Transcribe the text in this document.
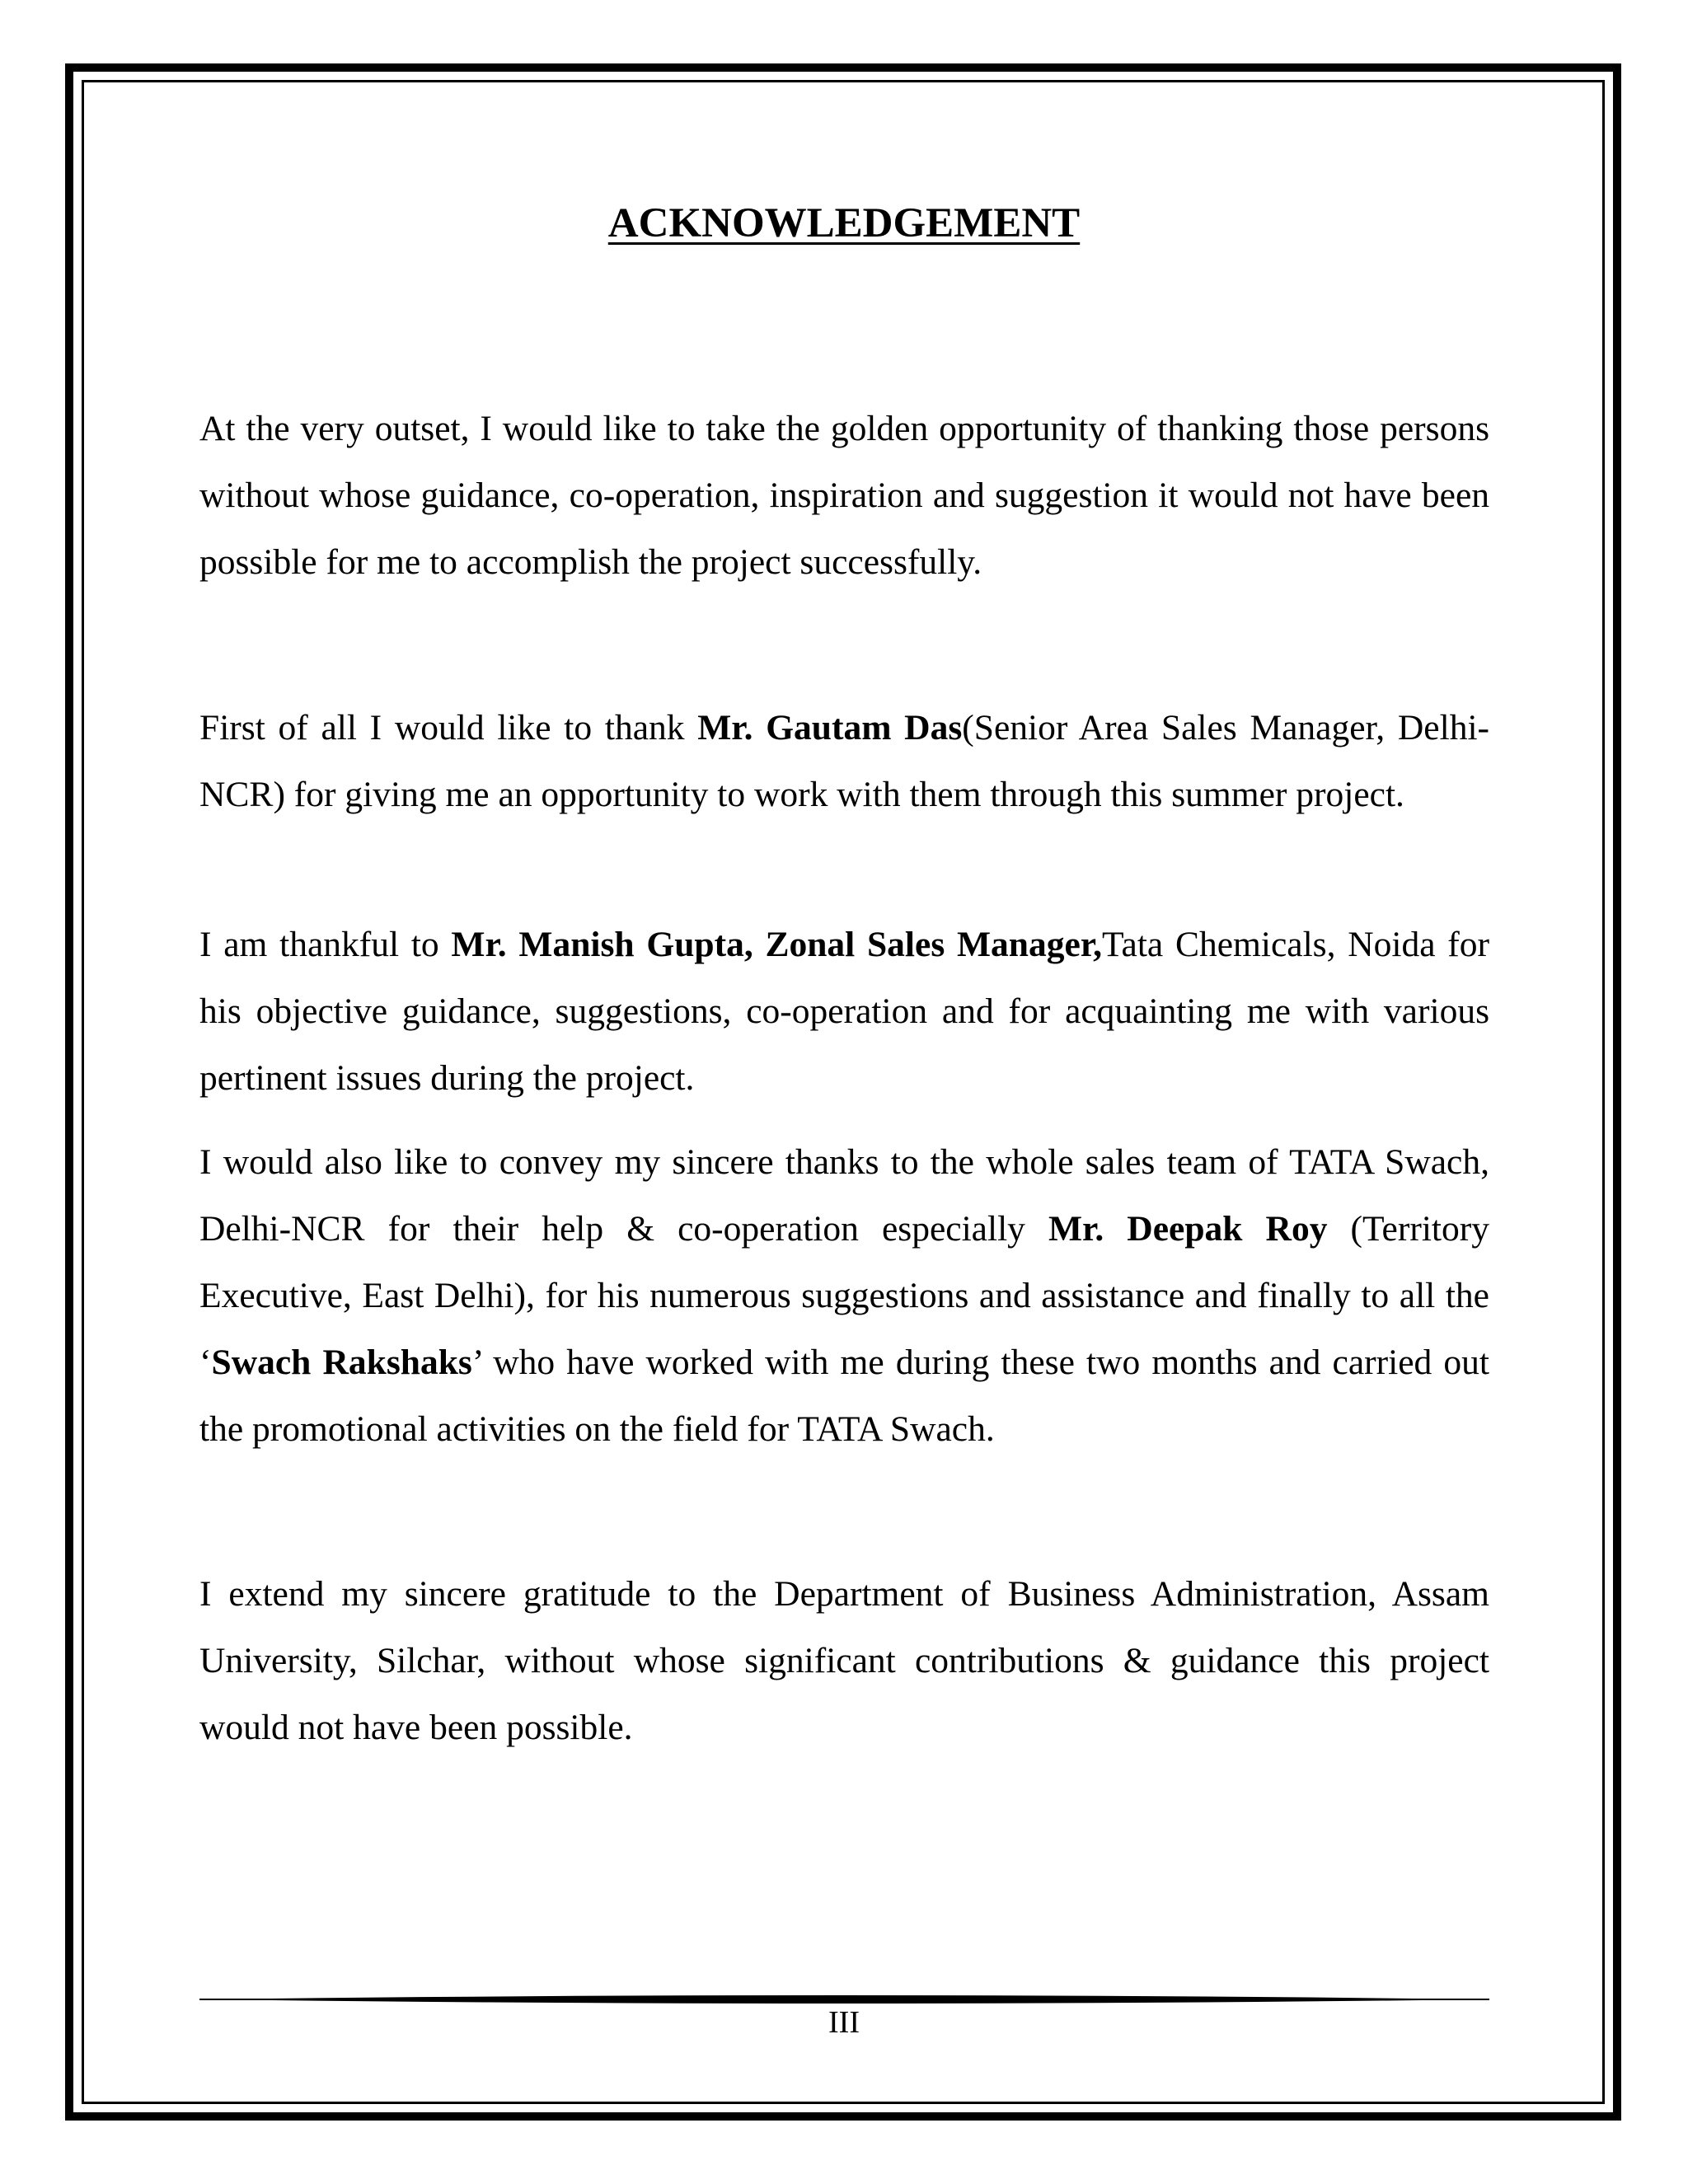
ACKNOWLEDGEMENT

At the very outset, I would like to take the golden opportunity of thanking those persons without whose guidance, co-operation, inspiration and suggestion it would not have been possible for me to accomplish the project successfully.

First of all I would like to thank Mr. Gautam Das(Senior Area Sales Manager, Delhi-NCR) for giving me an opportunity to work with them through this summer project.

I am thankful to Mr. Manish Gupta, Zonal Sales Manager,Tata Chemicals, Noida for his objective guidance, suggestions, co-operation and for acquainting me with various pertinent issues during the project.

I would also like to convey my sincere thanks to the whole sales team of TATA Swach, Delhi-NCR for their help & co-operation especially Mr. Deepak Roy (Territory Executive, East Delhi), for his numerous suggestions and assistance and finally to all the ‘Swach Rakshaks’ who have worked with me during these two months and carried out the promotional activities on the field for TATA Swach.

I extend my sincere gratitude to the Department of Business Administration, Assam University, Silchar, without whose significant contributions & guidance this project would not have been possible.

III
